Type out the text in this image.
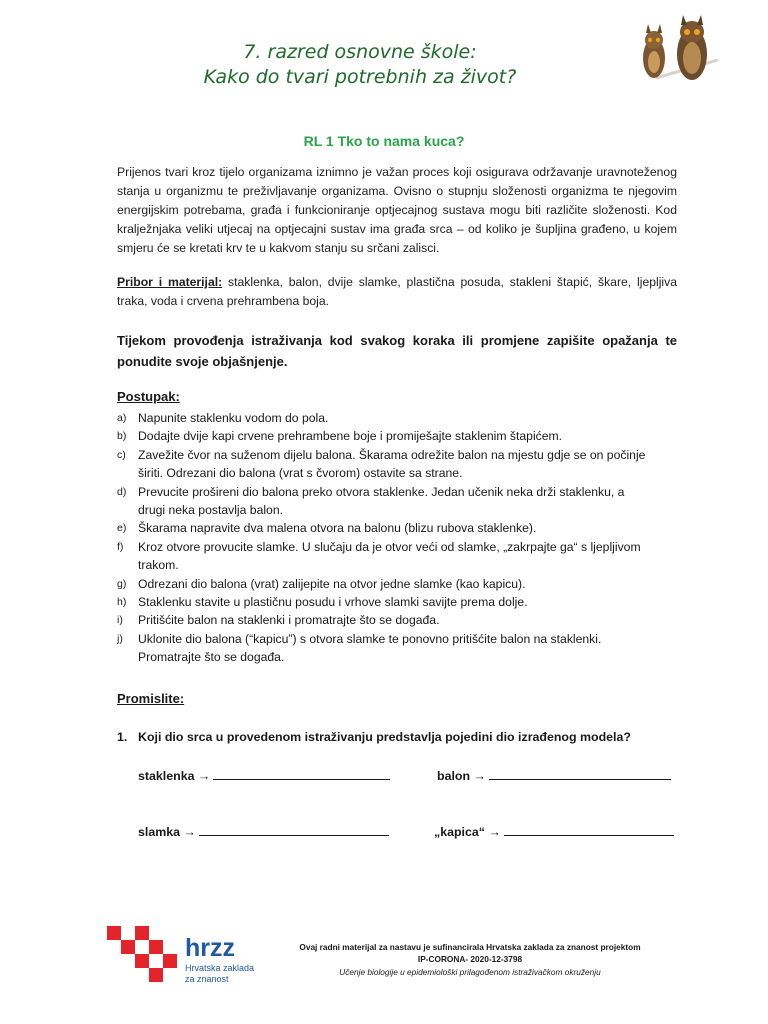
7. razred osnovne škole:
Kako do tvari potrebnih za život?
RL 1 Tko to nama kuca?
Prijenos tvari kroz tijelo organizama iznimno je važan proces koji osigurava održavanje uravnoteženog
stanja u organizmu te preživljavanje organizama. Ovisno o stupnju složenosti organizma te njegovim
energijskim potrebama, građa i funkcioniranje optjecajnog sustava mogu biti različite složenosti. Kod
kralježnjaka veliki utjecaj na optjecajni sustav ima građa srca – od koliko je šupljina građeno, u kojem
smjeru će se kretati krv te u kakvom stanju su srčani zalisci.
Pribor i materijal: staklenka, balon, dvije slamke, plastična posuda, stakleni štapić, škare, ljepljiva
traka, voda i crvena prehrambena boja.
Tijekom provođenja istraživanja kod svakog koraka ili promjene zapišite opažanja te
ponudite svoje objašnjenje.
Postupak:
a) Napunite staklenku vodom do pola.
b) Dodajte dvije kapi crvene prehrambene boje i promiješajte staklenim štapićem.
c) Zavežite čvor na suženom dijelu balona. Škarama odrežite balon na mjestu gdje se on počinje
širiti. Odrezani dio balona (vrat s čvorom) ostavite sa strane.
d) Prevucite prošireni dio balona preko otvora staklenke. Jedan učenik neka drži staklenku, a
drugi neka postavlja balon.
e) Škarama napravite dva malena otvora na balonu (blizu rubova staklenke).
f) Kroz otvore provucite slamke. U slučaju da je otvor veći od slamke, „zakrpajte ga“ s ljepljivom
trakom.
g) Odrezani dio balona (vrat) zalijepite na otvor jedne slamke (kao kapicu).
h) Staklenku stavite u plastičnu posudu i vrhove slamki savijte prema dolje.
i) Pritišćite balon na staklenki i promatrajte što se događa.
j) Uklonite dio balona (“kapicu”) s otvora slamke te ponovno pritišćite balon na staklenki.
Promatrajte što se događa.
Promislite:
1. Koji dio srca u provedenom istraživanju predstavlja pojedini dio izrađenog modela?
staklenka →	balon →
slamka →	„kapica“ →
hrzz
Hrvatska zaklada
za znanost
Ovaj radni materijal za nastavu je sufinancirala Hrvatska zaklada za znanost projektom
IP-CORONA- 2020-12-3798
Učenje biologije u epidemiološki prilagođenom istraživačkom okruženju
